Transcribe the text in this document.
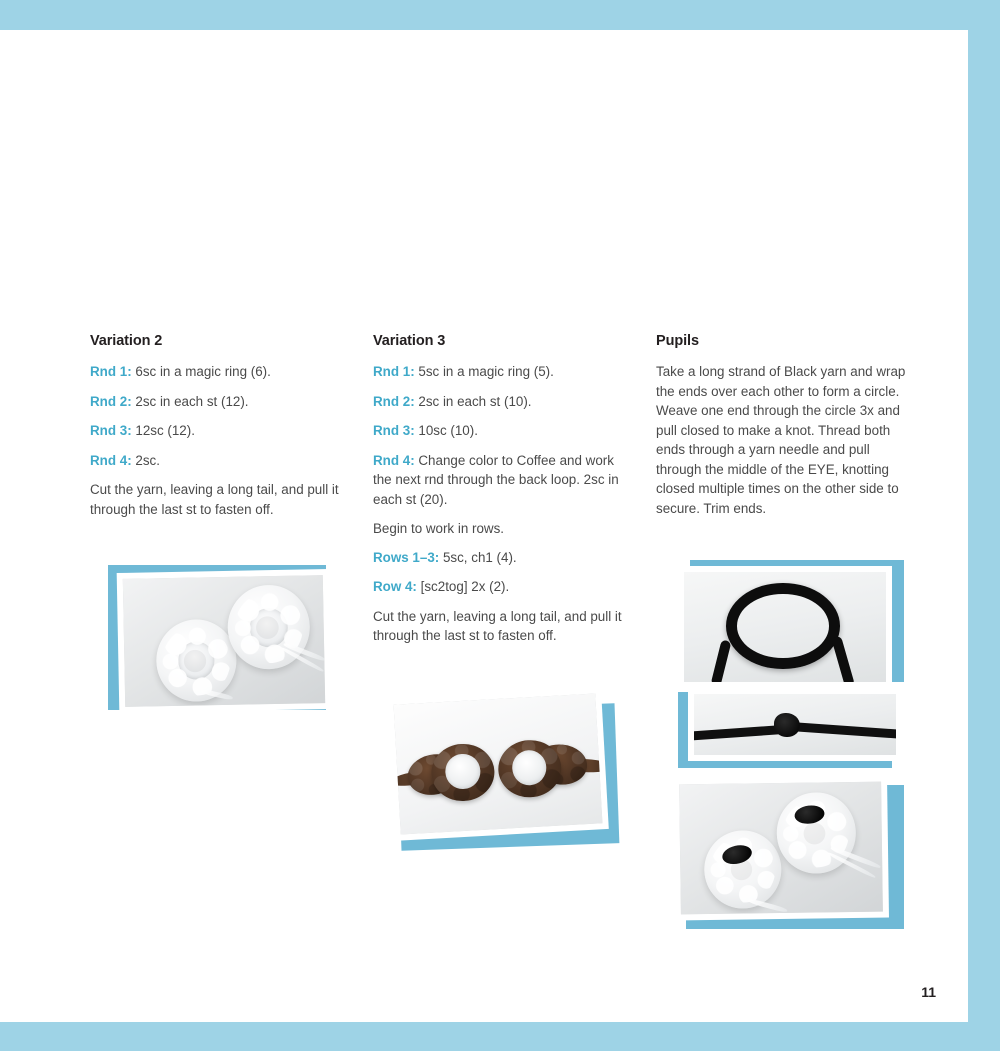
Variation 2
Rnd 1: 6sc in a magic ring (6).
Rnd 2: 2sc in each st (12).
Rnd 3: 12sc (12).
Rnd 4: 2sc.
Cut the yarn, leaving a long tail, and pull it through the last st to fasten off.
Variation 3
Rnd 1: 5sc in a magic ring (5).
Rnd 2: 2sc in each st (10).
Rnd 3: 10sc (10).
Rnd 4: Change color to Coffee and work the next rnd through the back loop. 2sc in each st (20).
Begin to work in rows.
Rows 1–3: 5sc, ch1 (4).
Row 4: [sc2tog] 2x (2).
Cut the yarn, leaving a long tail, and pull it through the last st to fasten off.
Pupils
Take a long strand of Black yarn and wrap the ends over each other to form a circle. Weave one end through the circle 3x and pull closed to make a knot. Thread both ends through a yarn needle and pull through the middle of the EYE, knotting closed multiple times on the other side to secure. Trim ends.
11
